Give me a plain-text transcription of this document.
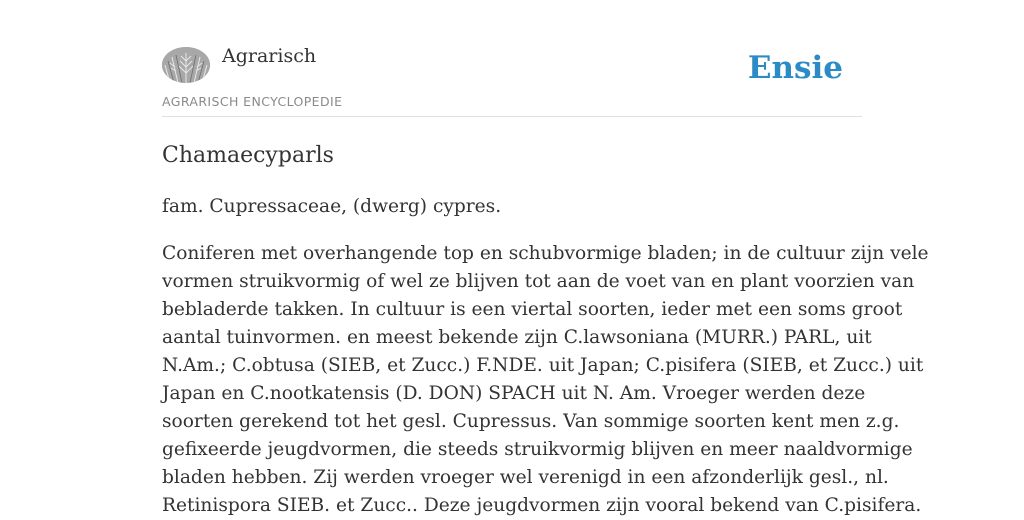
Agrarisch
AGRARISCH ENCYCLOPEDIE
Ensie
Chamaecyparls

fam. Cupressaceae, (dwerg) cypres.

Coniferen met overhangende top en schubvormige bladen; in de cultuur zijn vele
vormen struikvormig of wel ze blijven tot aan de voet van en plant voorzien van
bebladerde takken. In cultuur is een viertal soorten, ieder met een soms groot
aantal tuinvormen. en meest bekende zijn C.lawsoniana (MURR.) PARL, uit
N.Am.; C.obtusa (SIEB, et Zucc.) F.NDE. uit Japan; C.pisifera (SIEB, et Zucc.) uit
Japan en C.nootkatensis (D. DON) SPACH uit N. Am. Vroeger werden deze
soorten gerekend tot het gesl. Cupressus. Van sommige soorten kent men z.g.
gefixeerde jeugdvormen, die steeds struikvormig blijven en meer naaldvormige
bladen hebben. Zij werden vroeger wel verenigd in een afzonderlijk gesl., nl.
Retinispora SIEB. et Zucc.. Deze jeugdvormen zijn vooral bekend van C.pisifera.
